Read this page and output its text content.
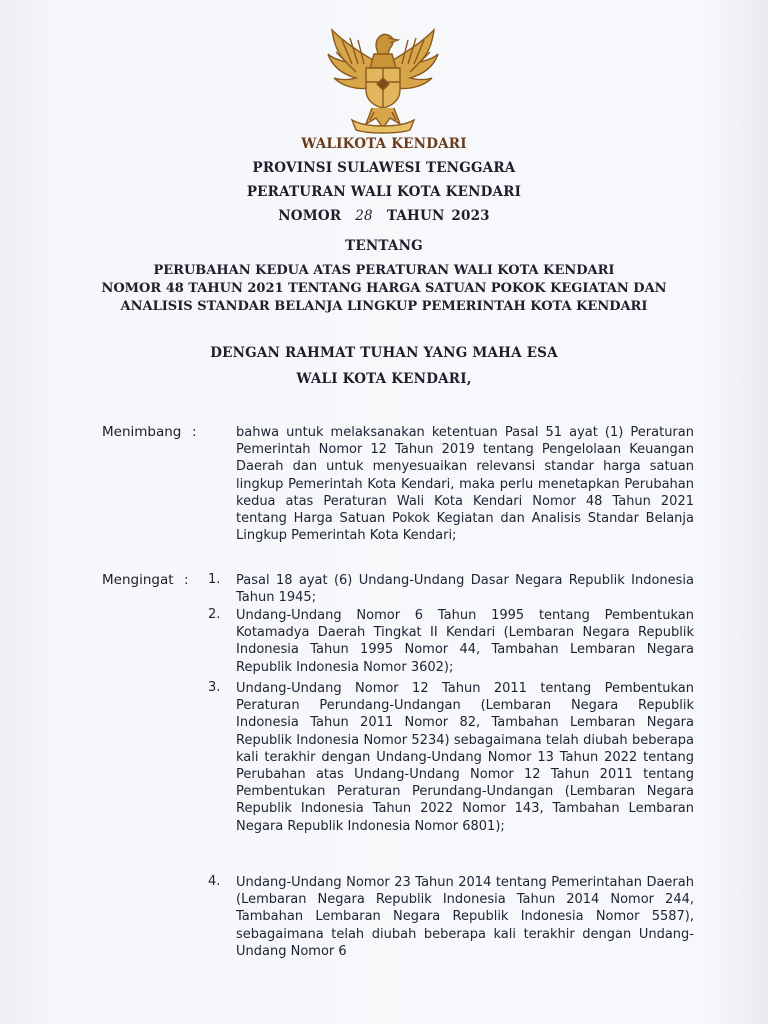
WALIKOTA KENDARI
PROVINSI SULAWESI TENGGARA
PERATURAN WALI KOTA KENDARI
NOMOR 28 TAHUN 2023
TENTANG
PERUBAHAN KEDUA ATAS PERATURAN WALI KOTA KENDARI
NOMOR 48 TAHUN 2021 TENTANG HARGA SATUAN POKOK KEGIATAN DAN
ANALISIS STANDAR BELANJA LINGKUP PEMERINTAH KOTA KENDARI
DENGAN RAHMAT TUHAN YANG MAHA ESA
WALI KOTA KENDARI,
Menimbang :	bahwa untuk melaksanakan ketentuan Pasal 51 ayat (1) Peraturan Pemerintah Nomor 12 Tahun 2019 tentang Pengelolaan Keuangan Daerah dan untuk menyesuaikan relevansi standar harga satuan lingkup Pemerintah Kota Kendari, maka perlu menetapkan Perubahan kedua atas Peraturan Wali Kota Kendari Nomor 48 Tahun 2021 tentang Harga Satuan Pokok Kegiatan dan Analisis Standar Belanja Lingkup Pemerintah Kota Kendari;
Mengingat : 1. Pasal 18 ayat (6) Undang-Undang Dasar Negara Republik Indonesia Tahun 1945;
2. Undang-Undang Nomor 6 Tahun 1995 tentang Pembentukan Kotamadya Daerah Tingkat II Kendari (Lembaran Negara Republik Indonesia Tahun 1995 Nomor 44, Tambahan Lembaran Negara Republik Indonesia Nomor 3602);
3. Undang-Undang Nomor 12 Tahun 2011 tentang Pembentukan Peraturan Perundang-Undangan (Lembaran Negara Republik Indonesia Tahun 2011 Nomor 82, Tambahan Lembaran Negara Republik Indonesia Nomor 5234) sebagaimana telah diubah beberapa kali terakhir dengan Undang-Undang Nomor 13 Tahun 2022 tentang Perubahan atas Undang-Undang Nomor 12 Tahun 2011 tentang Pembentukan Peraturan Perundang-Undangan (Lembaran Negara Republik Indonesia Tahun 2022 Nomor 143, Tambahan Lembaran Negara Republik Indonesia Nomor 6801);
4. Undang-Undang Nomor 23 Tahun 2014 tentang Pemerintahan Daerah (Lembaran Negara Republik Indonesia Tahun 2014 Nomor 244, Tambahan Lembaran Negara Republik Indonesia Nomor 5587), sebagaimana telah diubah beberapa kali terakhir dengan Undang-Undang Nomor 6
